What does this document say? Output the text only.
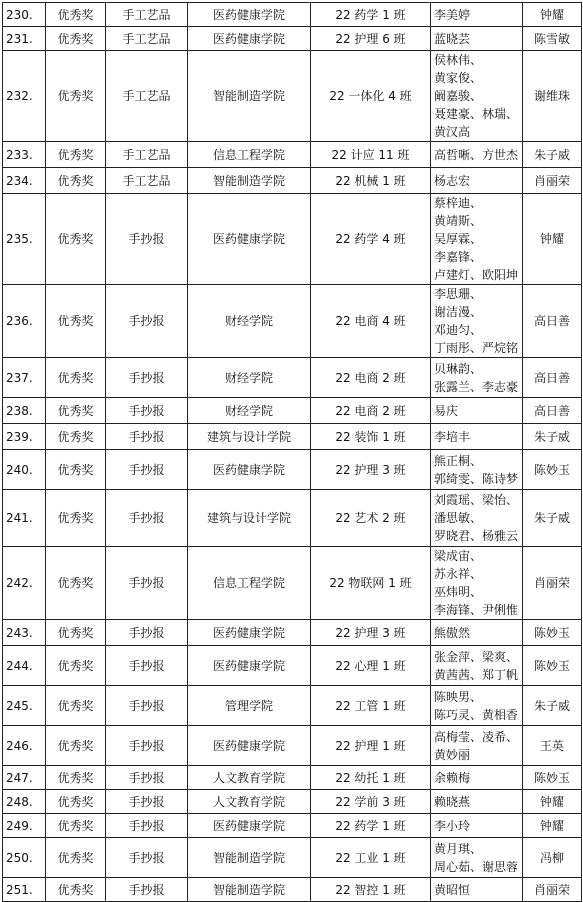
230.	优秀奖	手工艺品	医药健康学院	22 药学 1 班	李美婷	钟耀
231.	优秀奖	手工艺品	医药健康学院	22 护理 6 班	蓝晓芸	陈雪敏
232.	优秀奖	手工艺品	智能制造学院	22 一体化 4 班	侯林伟、黄家俊、阚嘉骏、聂建豪、林瑞、黄汉高	谢维珠
233.	优秀奖	手工艺品	信息工程学院	22 计应 11 班	高哲晰、方世杰	朱子威
234.	优秀奖	手工艺品	智能制造学院	22 机械 1 班	杨志宏	肖丽荣
235.	优秀奖	手抄报	医药健康学院	22 药学 4 班	蔡梓迪、黄靖斯、吴厚霖、李嘉锋、卢建灯、欧阳坤	钟耀
236.	优秀奖	手抄报	财经学院	22 电商 4 班	李思珊、谢洁漫、邓迪匀、丁雨彤、严烷铭	高日善
237.	优秀奖	手抄报	财经学院	22 电商 2 班	贝琳韵、张露兰、李志豪	高日善
238.	优秀奖	手抄报	财经学院	22 电商 2 班	易庆	高日善
239.	优秀奖	手抄报	建筑与设计学院	22 装饰 1 班	李培丰	朱子威
240.	优秀奖	手抄报	医药健康学院	22 护理 3 班	熊正桐、郭绮雯、陈诗梦	陈妙玉
241.	优秀奖	手抄报	建筑与设计学院	22 艺术 2 班	刘霞瑶、梁怡、潘思敏、罗晓君、杨雅云	朱子威
242.	优秀奖	手抄报	信息工程学院	22 物联网 1 班	梁成宙、苏永祥、巫炜明、李海锋、尹俐惟	肖丽荣
243.	优秀奖	手抄报	医药健康学院	22 护理 3 班	熊傲然	陈妙玉
244.	优秀奖	手抄报	医药健康学院	22 心理 1 班	张金萍、梁爽、黄茜茜、郑丁帆	陈妙玉
245.	优秀奖	手抄报	管理学院	22 工管 1 班	陈映男、陈巧灵、黄相香	朱子威
246.	优秀奖	手抄报	医药健康学院	22 护理 1 班	高梅莹、凌希、黄妙丽	王英
247.	优秀奖	手抄报	人文教育学院	22 幼托 1 班	余赖梅	陈妙玉
248.	优秀奖	手抄报	人文教育学院	22 学前 3 班	赖晓燕	钟耀
249.	优秀奖	手抄报	医药健康学院	22 药学 1 班	李小玲	钟耀
250.	优秀奖	手抄报	智能制造学院	22 工业 1 班	黄月琪、周心茹、谢思蓉	冯柳
251.	优秀奖	手抄报	智能制造学院	22 智控 1 班	黄昭恒	肖丽荣
